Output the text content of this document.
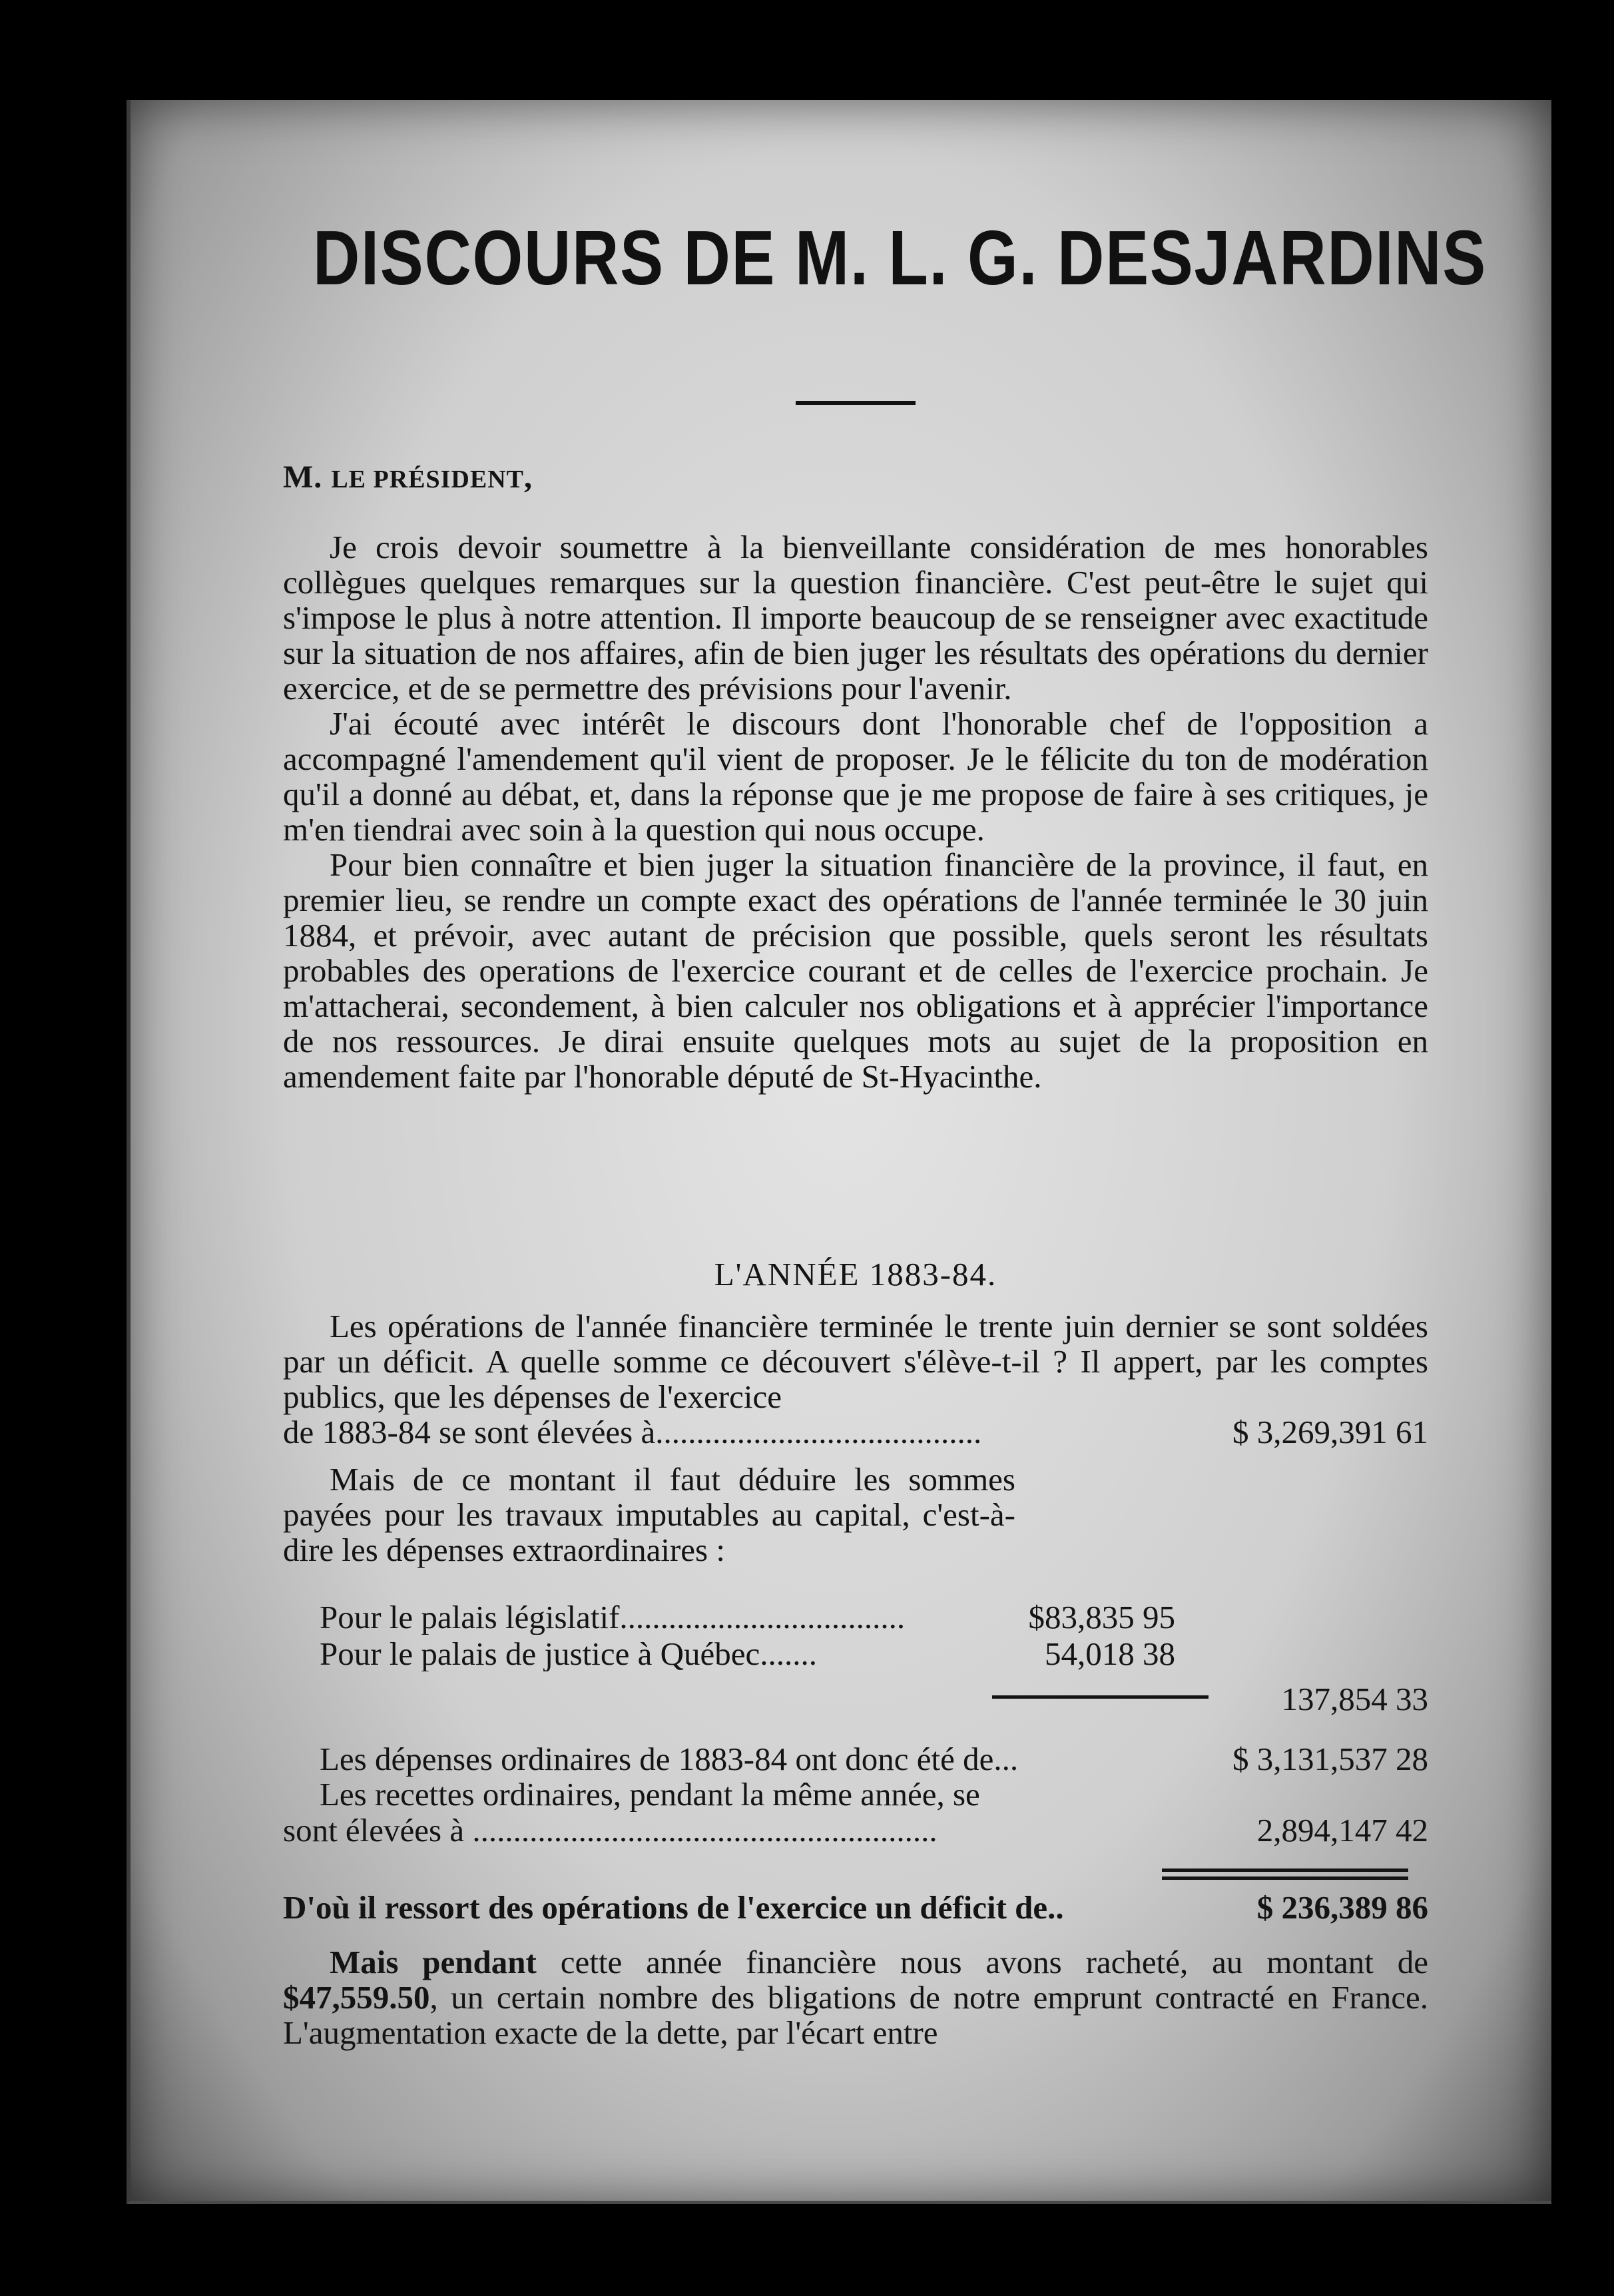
DISCOURS DE M. L. G. DESJARDINS
M. LE PRÉSIDENT,

Je crois devoir soumettre à la bienveillante considération de mes honorables collègues quelques remarques sur la question financière. C'est peut-être le sujet qui s'impose le plus à notre attention. Il importe beaucoup de se renseigner avec exactitude sur la situation de nos affaires, afin de bien juger les résultats des opérations du dernier exercice, et de se permettre des prévisions pour l'avenir.

J'ai écouté avec intérêt le discours dont l'honorable chef de l'opposition a accompagné l'amendement qu'il vient de proposer. Je le félicite du ton de modération qu'il a donné au débat, et, dans la réponse que je me propose de faire à ses critiques, je m'en tiendrai avec soin à la question qui nous occupe.

Pour bien connaître et bien juger la situation financière de la province, il faut, en premier lieu, se rendre un compte exact des opérations de l'année terminée le 30 juin 1884, et prévoir, avec autant de précision que possible, quels seront les résultats probables des operations de l'exercice courant et de celles de l'exercice prochain. Je m'attacherai, secondement, à bien calculer nos obligations et à apprécier l'importance de nos ressources. Je dirai ensuite quelques mots au sujet de la proposition en amendement faite par l'honorable député de St-Hyacinthe.

L'ANNÉE 1883-84.

Les opérations de l'année financière terminée le trente juin dernier se sont soldées par un déficit. A quelle somme ce découvert s'élève-t-il ? Il appert, par les comptes publics, que les dépenses de l'exercice

de 1883-84 se sont élevées à........................................	$ 3,269,391 61

Mais de ce montant il faut déduire les sommes payées pour les travaux imputables au capital, c'est-à-dire les dépenses extraordinaires :

Pour le palais législatif...................................	$83,835 95
Pour le palais de justice à Québec.......	54,018 38
137,854 33
Les dépenses ordinaires de 1883-84 ont donc été de...	$ 3,131,537 28
Les recettes ordinaires, pendant la même année, se
sont élevées à .........................................................	2,894,147 42
D'où il ressort des opérations de l'exercice un déficit de..	$ 236,389 86

Mais pendant cette année financière nous avons racheté, au montant de $47,559.50, un certain nombre des bligations de notre emprunt contracté en France. L'augmentation exacte de la dette, par l'écart entre
